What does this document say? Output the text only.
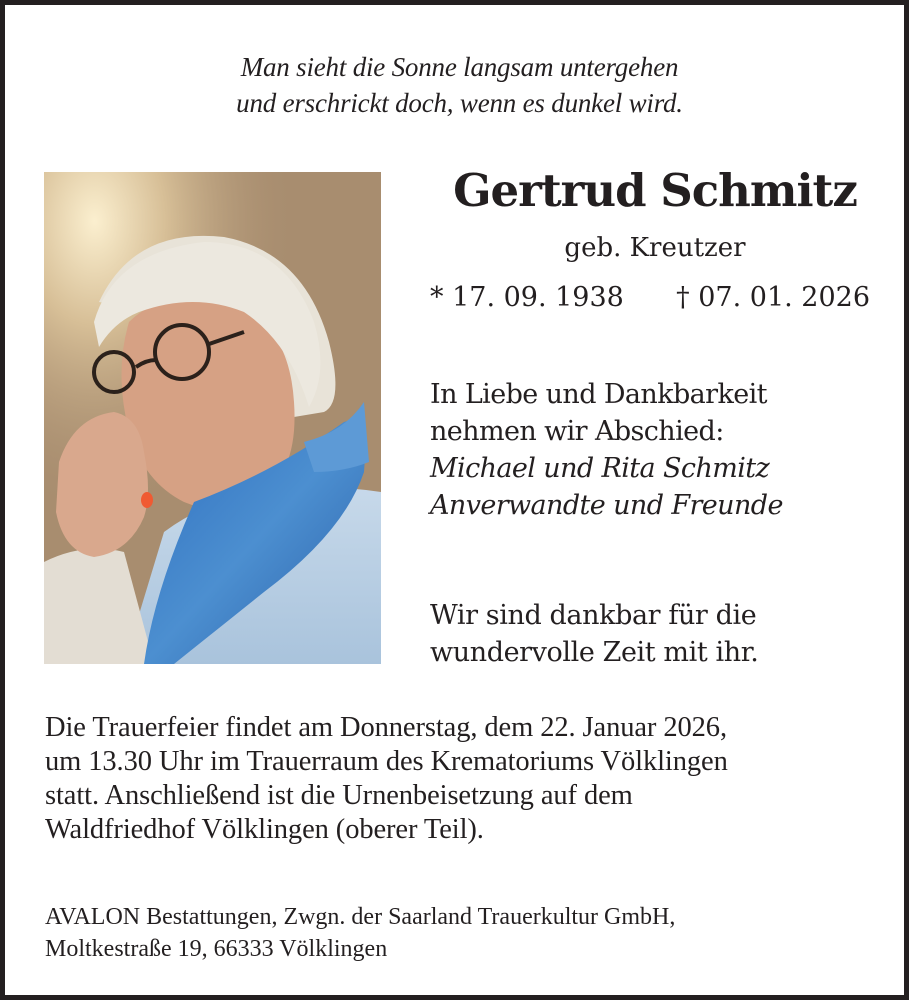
Man sieht die Sonne langsam untergehen
und erschrickt doch, wenn es dunkel wird.
Gertrud Schmitz
geb. Kreutzer
* 17. 09. 1938 † 07. 01. 2026
In Liebe und Dankbarkeit
nehmen wir Abschied:
Michael und Rita Schmitz
Anverwandte und Freunde
Wir sind dankbar für die
wundervolle Zeit mit ihr.
Die Trauerfeier findet am Donnerstag, dem 22. Januar 2026,
um 13.30 Uhr im Trauerraum des Krematoriums Völklingen
statt. Anschließend ist die Urnenbeisetzung auf dem
Waldfriedhof Völklingen (oberer Teil).
AVALON Bestattungen, Zwgn. der Saarland Trauerkultur GmbH,
Moltkestraße 19, 66333 Völklingen
